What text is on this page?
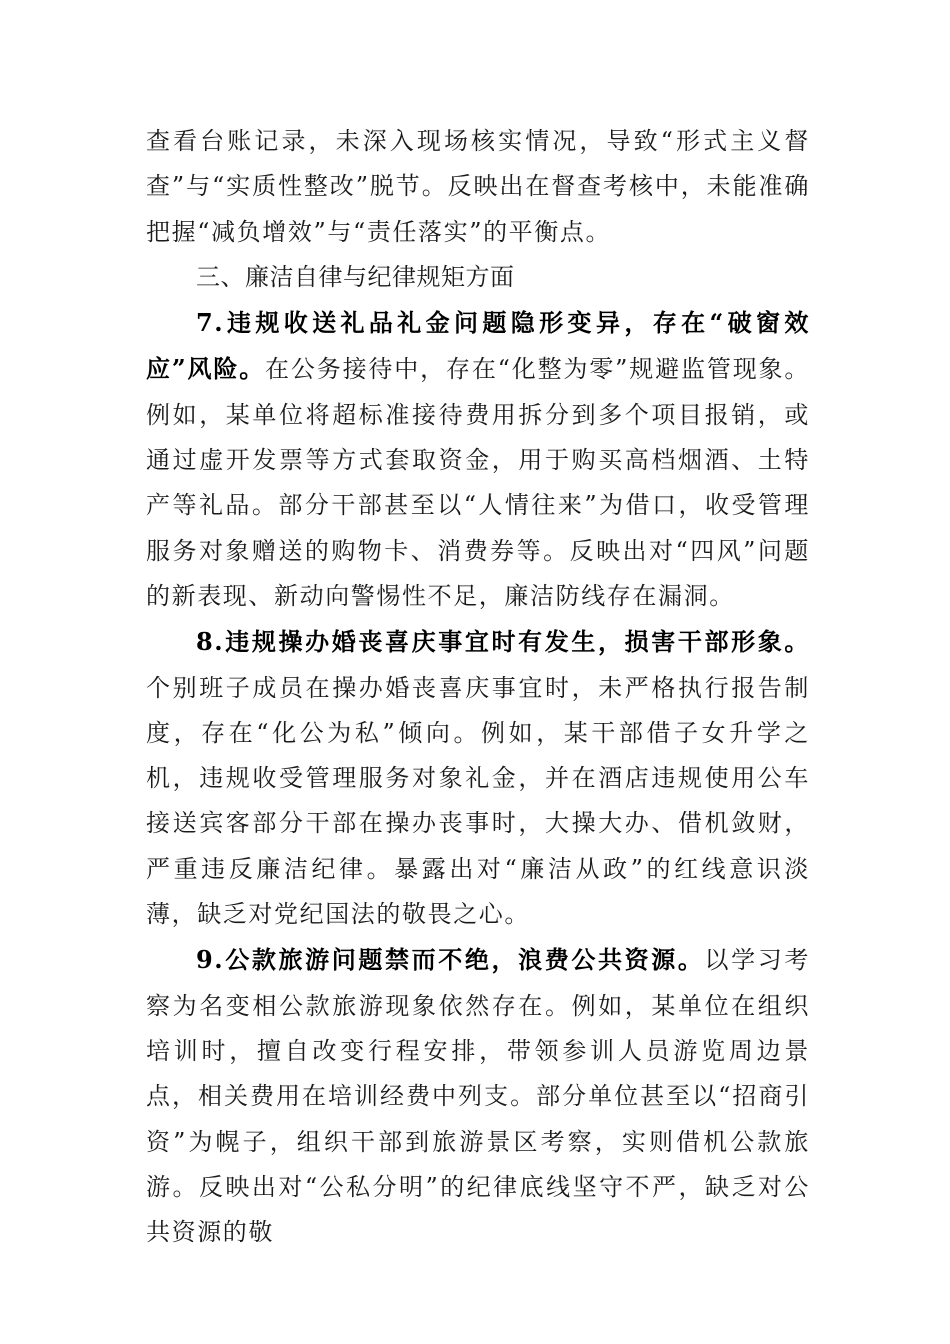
查看台账记录，未深入现场核实情况，导致“形式主义督查”与“实质性整改”脱节。反映出在督查考核中，未能准确把握“减负增效”与“责任落实”的平衡点。

三、廉洁自律与纪律规矩方面

7.违规收送礼品礼金问题隐形变异，存在“破窗效应”风险。在公务接待中，存在“化整为零”规避监管现象。例如，某单位将超标准接待费用拆分到多个项目报销，或通过虚开发票等方式套取资金，用于购买高档烟酒、土特产等礼品。部分干部甚至以“人情往来”为借口，收受管理服务对象赠送的购物卡、消费券等。反映出对“四风”问题的新表现、新动向警惕性不足，廉洁防线存在漏洞。

8.违规操办婚丧喜庆事宜时有发生，损害干部形象。个别班子成员在操办婚丧喜庆事宜时，未严格执行报告制度，存在“化公为私”倾向。例如，某干部借子女升学之机，违规收受管理服务对象礼金，并在酒店违规使用公车接送宾客部分干部在操办丧事时，大操大办、借机敛财，严重违反廉洁纪律。暴露出对“廉洁从政”的红线意识淡薄，缺乏对党纪国法的敬畏之心。

9.公款旅游问题禁而不绝，浪费公共资源。以学习考察为名变相公款旅游现象依然存在。例如，某单位在组织培训时，擅自改变行程安排，带领参训人员游览周边景点，相关费用在培训经费中列支。部分单位甚至以“招商引资”为幌子，组织干部到旅游景区考察，实则借机公款旅游。反映出对“公私分明”的纪律底线坚守不严，缺乏对公共资源的敬
